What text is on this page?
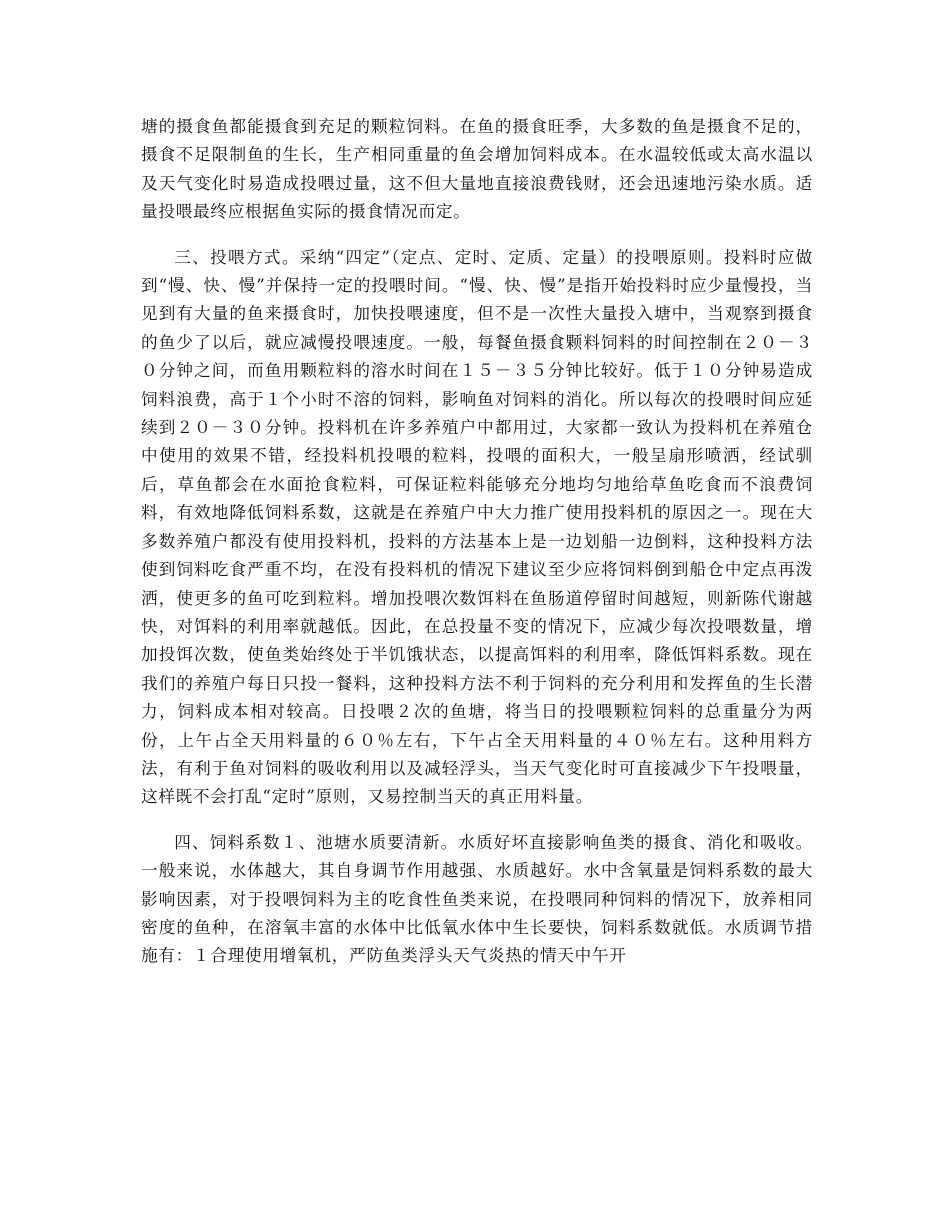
塘的摄食鱼都能摄食到充足的颗粒饲料。在鱼的摄食旺季，大多数的鱼是摄食不足的，摄食不足限制鱼的生长，生产相同重量的鱼会增加饲料成本。在水温较低或太高水温以及天气变化时易造成投喂过量，这不但大量地直接浪费钱财，还会迅速地污染水质。适量投喂最终应根据鱼实际的摄食情况而定。

三、投喂方式。采纳“四定”（定点、定时、定质、定量）的投喂原则。投料时应做到“慢、快、慢”并保持一定的投喂时间。“慢、快、慢”是指开始投料时应少量慢投，当见到有大量的鱼来摄食时，加快投喂速度，但不是一次性大量投入塘中，当观察到摄食的鱼少了以后，就应减慢投喂速度。一般，每餐鱼摄食颗料饲料的时间控制在２０－３０分钟之间，而鱼用颗粒料的溶水时间在１５－３５分钟比较好。低于１０分钟易造成饲料浪费，高于１个小时不溶的饲料，影响鱼对饲料的消化。所以每次的投喂时间应延续到２０－３０分钟。投料机在许多养殖户中都用过，大家都一致认为投料机在养殖仓中使用的效果不错，经投料机投喂的粒料，投喂的面积大，一般呈扇形喷洒，经试驯后，草鱼都会在水面抢食粒料，可保证粒料能够充分地均匀地给草鱼吃食而不浪费饲料，有效地降低饲料系数，这就是在养殖户中大力推广使用投料机的原因之一。现在大多数养殖户都没有使用投料机，投料的方法基本上是一边划船一边倒料，这种投料方法使到饲料吃食严重不均，在没有投料机的情况下建议至少应将饲料倒到船仓中定点再泼洒，使更多的鱼可吃到粒料。增加投喂次数饵料在鱼肠道停留时间越短，则新陈代谢越快，对饵料的利用率就越低。因此，在总投量不变的情况下，应减少每次投喂数量，增加投饵次数，使鱼类始终处于半饥饿状态，以提高饵料的利用率，降低饵料系数。现在我们的养殖户每日只投一餐料，这种投料方法不利于饲料的充分利用和发挥鱼的生长潜力，饲料成本相对较高。日投喂２次的鱼塘，将当日的投喂颗粒饲料的总重量分为两份，上午占全天用料量的６０％左右，下午占全天用料量的４０％左右。这种用料方法，有利于鱼对饲料的吸收利用以及减轻浮头，当天气变化时可直接减少下午投喂量，这样既不会打乱“定时”原则，又易控制当天的真正用料量。

四、饲料系数１、池塘水质要清新。水质好坏直接影响鱼类的摄食、消化和吸收。一般来说，水体越大，其自身调节作用越强、水质越好。水中含氧量是饲料系数的最大影响因素，对于投喂饲料为主的吃食性鱼类来说，在投喂同种饲料的情况下，放养相同密度的鱼种，在溶氧丰富的水体中比低氧水体中生长要快，饲料系数就低。水质调节措施有：１合理使用增氧机，严防鱼类浮头天气炎热的情天中午开
